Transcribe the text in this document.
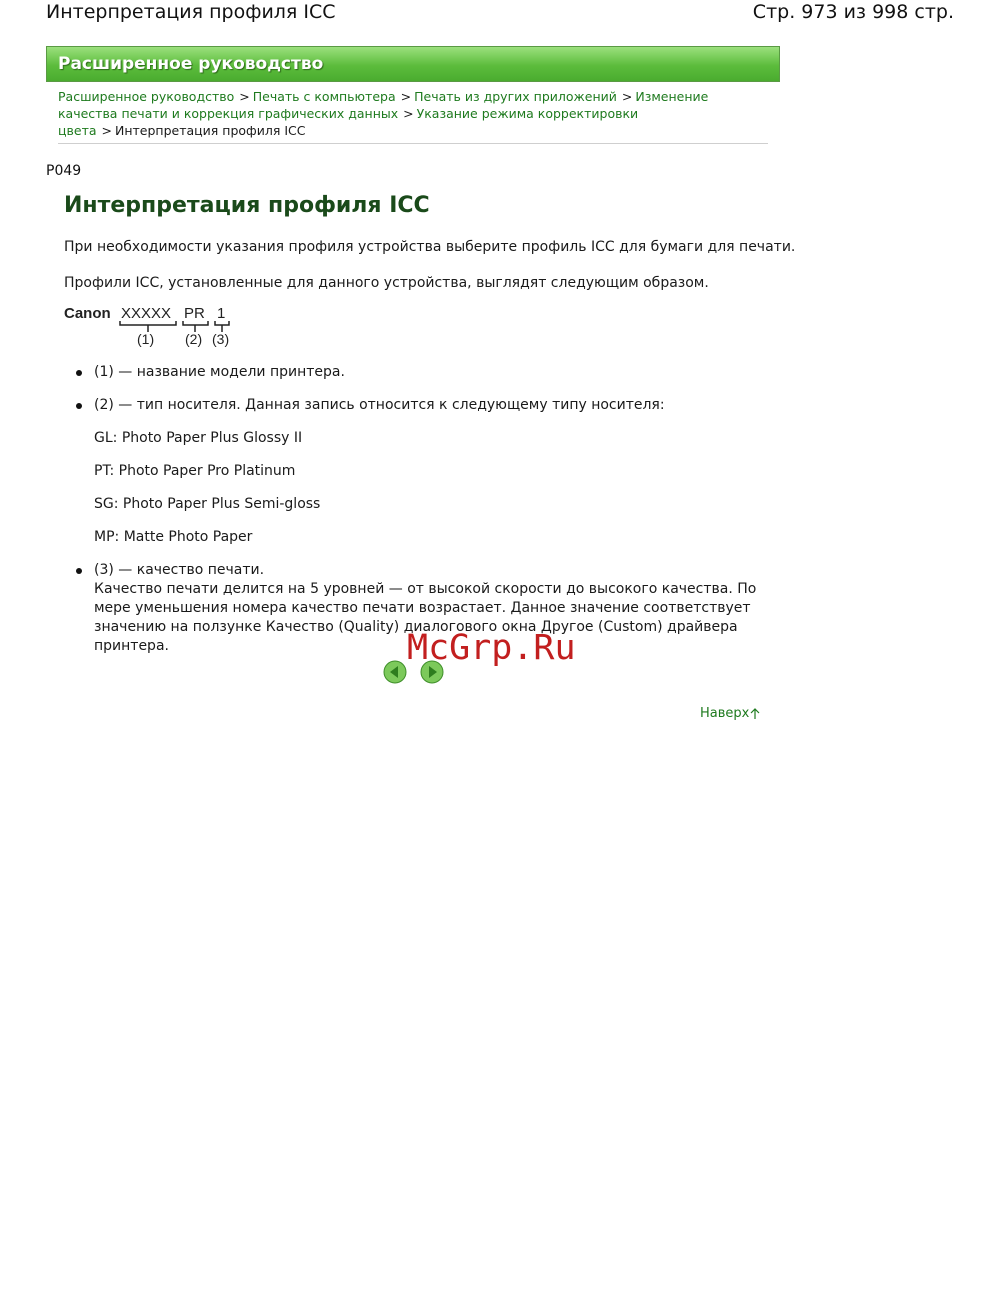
Интерпретация профиля ICC	Стр. 973 из 998 стр.
Расширенное руководство
Расширенное руководство > Печать с компьютера > Печать из других приложений > Изменение качества печати и коррекция графических данных > Указание режима корректировки цвета > Интерпретация профиля ICC
P049
Интерпретация профиля ICC

При необходимости указания профиля устройства выберите профиль ICC для бумаги для печати.

Профили ICC, установленные для данного устройства, выглядят следующим образом.

Canon XXXXX PR 1
(1) (2) (3)
(1) — название модели принтера.
(2) — тип носителя. Данная запись относится к следующему типу носителя:
GL: Photo Paper Plus Glossy II
PT: Photo Paper Pro Platinum
SG: Photo Paper Plus Semi-gloss
MP: Matte Photo Paper
(3) — качество печати.
Качество печати делится на 5 уровней — от высокой скорости до высокого качества. По мере уменьшения номера качество печати возрастает. Данное значение соответствует значению на ползунке Качество (Quality) диалогового окна Другое (Custom) драйвера принтера.	McGrp.Ru
Наверх
